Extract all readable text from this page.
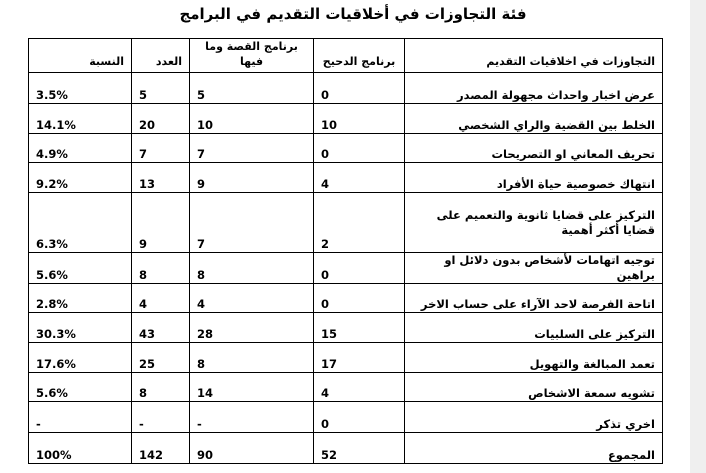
فئة التجاوزات في أخلاقيات التقديم في البرامج
التجاوزات في اخلاقيات التقديم	برنامج الدحيح	برنامج القصة وما فيها	العدد	النسبة
عرض اخبار واحداث مجهولة المصدر	0	5	5	3.5%
الخلط بين القضية والراي الشخصي	10	10	20	14.1%
تحريف المعاني او التصريحات	0	7	7	4.9%
انتهاك خصوصية حياة الأفراد	4	9	13	9.2%
التركيز على قضايا ثانوية والتعميم على قضايا أكثر أهمية	2	7	9	6.3%
توجيه اتهامات لأشخاص بدون دلائل او براهين	0	8	8	5.6%
اتاحة الفرصة لاحد الآراء على حساب الاخر	0	4	4	2.8%
التركيز على السلبيات	15	28	43	30.3%
تعمد المبالغة والتهويل	17	8	25	17.6%
تشويه سمعة الاشخاص	4	14	8	5.6%
اخري تذكر	0	-	-	-
المجموع	52	90	142	100%
